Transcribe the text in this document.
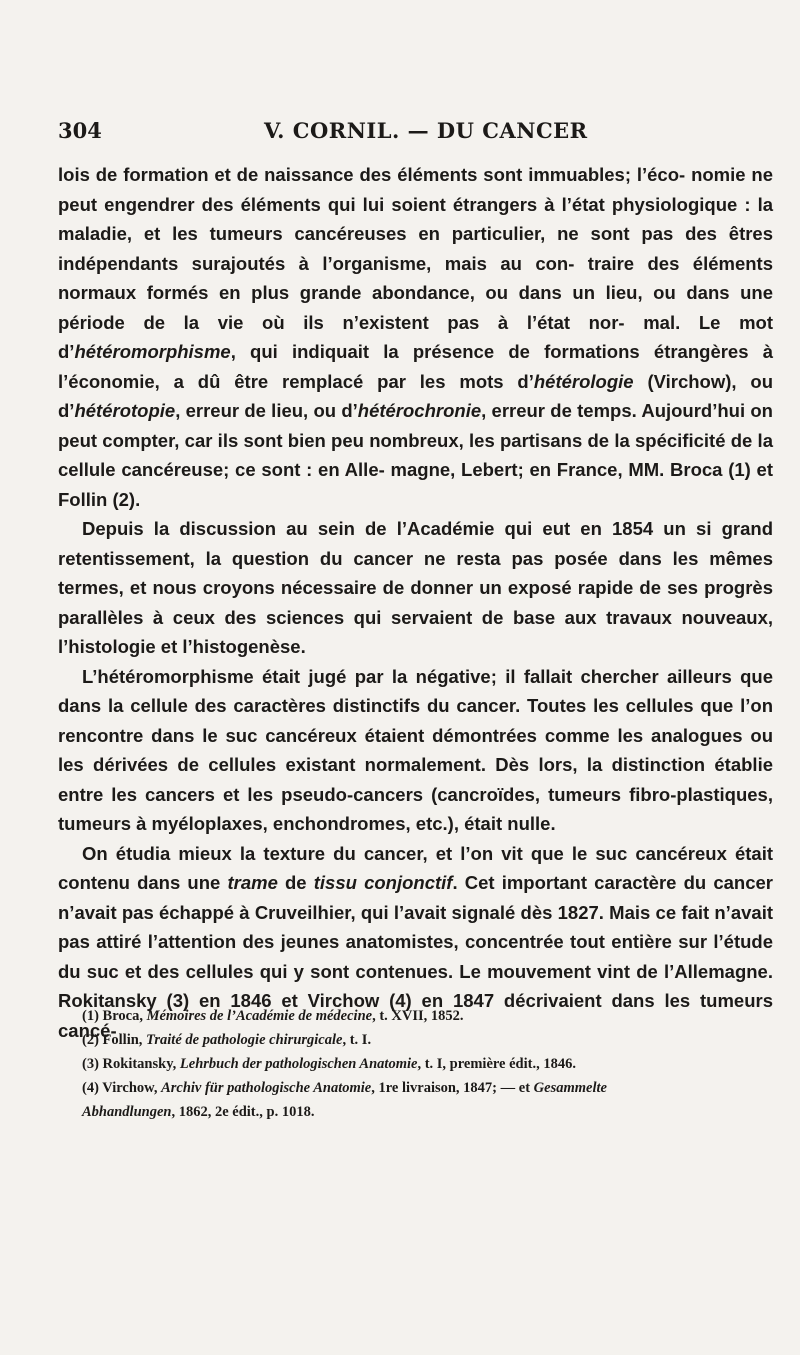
304	V. CORNIL. — DU CANCER

lois de formation et de naissance des éléments sont immuables; l’éco- nomie ne peut engendrer des éléments qui lui soient étrangers à l’état physiologique : la maladie, et les tumeurs cancéreuses en particulier, ne sont pas des êtres indépendants surajoutés à l’organisme, mais au con- traire des éléments normaux formés en plus grande abondance, ou dans un lieu, ou dans une période de la vie où ils n’existent pas à l’état nor- mal. Le mot d’hétéromorphisme, qui indiquait la présence de formations étrangères à l’économie, a dû être remplacé par les mots d’hétérologie (Virchow), ou d’hétérotopie, erreur de lieu, ou d’hétérochronie, erreur de temps. Aujourd’hui on peut compter, car ils sont bien peu nombreux, les partisans de la spécificité de la cellule cancéreuse; ce sont : en Alle- magne, Lebert; en France, MM. Broca (1) et Follin (2).

Depuis la discussion au sein de l’Académie qui eut en 1854 un si grand retentissement, la question du cancer ne resta pas posée dans les mêmes termes, et nous croyons nécessaire de donner un exposé rapide de ses progrès parallèles à ceux des sciences qui servaient de base aux travaux nouveaux, l’histologie et l’histogenèse.

L’hétéromorphisme était jugé par la négative; il fallait chercher ailleurs que dans la cellule des caractères distinctifs du cancer. Toutes les cellules que l’on rencontre dans le suc cancéreux étaient démontrées comme les analogues ou les dérivées de cellules existant normalement. Dès lors, la distinction établie entre les cancers et les pseudo-cancers (cancroïdes, tumeurs fibro-plastiques, tumeurs à myéloplaxes, enchondromes, etc.), était nulle.

On étudia mieux la texture du cancer, et l’on vit que le suc cancéreux était contenu dans une trame de tissu conjonctif. Cet important caractère du cancer n’avait pas échappé à Cruveilhier, qui l’avait signalé dès 1827. Mais ce fait n’avait pas attiré l’attention des jeunes anatomistes, concentrée tout entière sur l’étude du suc et des cellules qui y sont contenues. Le mouvement vint de l’Allemagne. Rokitansky (3) en 1846 et Virchow (4) en 1847 décrivaient dans les tumeurs cancé-

(1) Broca, Mémoires de l’Académie de médecine, t. XVII, 1852.

(2) Follin, Traité de pathologie chirurgicale, t. I.

(3) Rokitansky, Lehrbuch der pathologischen Anatomie, t. I, première édit., 1846.

(4) Virchow, Archiv für pathologische Anatomie, 1re livraison, 1847; — et Gesammelte
Abhandlungen, 1862, 2e édit., p. 1018.
